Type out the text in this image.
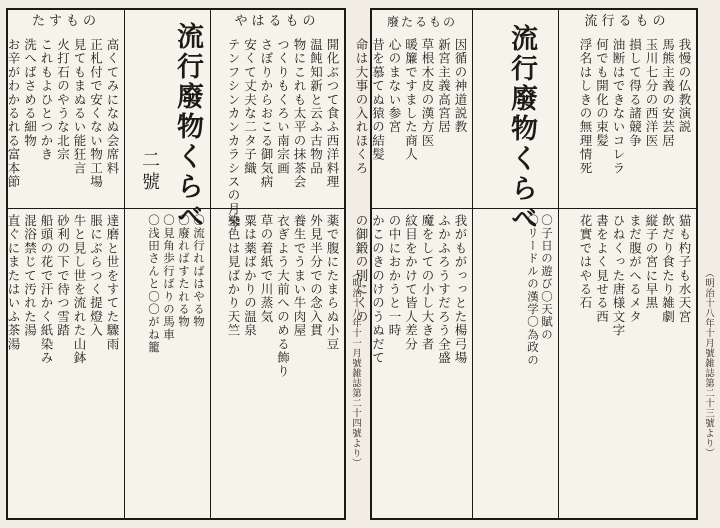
やはるもの
開化ぶつて食ふ西洋料理
温飩知新と云ふ古物品
物にこれも太平の抹茶会
つくりもくろい南宗画
さぼりからおこる御気病
安くて丈夫な二タ子織
テンフシンカンカラシスの月琴
流行廢物くらべ
二號
たすもの
高くてみになぬ会席料
正札付で安くない物工場
見てもまぬるい能狂言
火打石のやうな北宗
これもよひとつかき
洗へばさめる細物
お辛がわかるれる富本節
薬で腹にたまらぬ小豆
外見半分での念入貫
養生でうまい牛肉屋
衣ぎよう大前へのめる飾り
草の着紙で川蒸気
粟は薬ばかりの温泉
染色は見ばかり天竺
〇流行ればはやる物
〇廢ればすたれる物
〇見角歩行ばりの馬車
〇浅田さんと〇〇がね籠
達磨と世をすてた驟雨
脹にぶらつく提燈入
牛と見し世を流れた山鉢
砂利の下で待つ雪踏
船頭の花で汗かく紙染み
混浴禁じて汚れた湯
直ぐにまたはいふ茶湯	（明治十八年十一月號雑誌第二十四號より）
流行るもの
我慢の仏教演説
馬熊主義の安芸居
玉川七分の西洋医
損して得る諸競争
油断はできないコレラ
何でも開化の束髪
浮名はしきの無理情死
流行廢物くらべ
廢たるもの
因循の神道説教
新宮主義高宮居
草根木皮の漢方医
暖簾ですました商人
心のまない参宮
昔を慕てぬ猿の結髪
命は大事の入れほくろ
猫も杓子も水天宮
飲だり食たり雑劇
縦子の宮に早黒
まだ腹がへるメタ
ひねくった唐様文字
書をよく見せる西
花實ではやる石
〇子日の遊び〇天賦の
〇リードルの漢学〇為政の
我がもがっっとた楊弓場
ふかふろうすだろう全盛
魔をしての小し大き者
紋目をかけて皆人差分
の中におかうと一時
かこのきのけのうぬだて
の御鍛の別にくの	（明治十八年十月號雑誌第二十三號より）
